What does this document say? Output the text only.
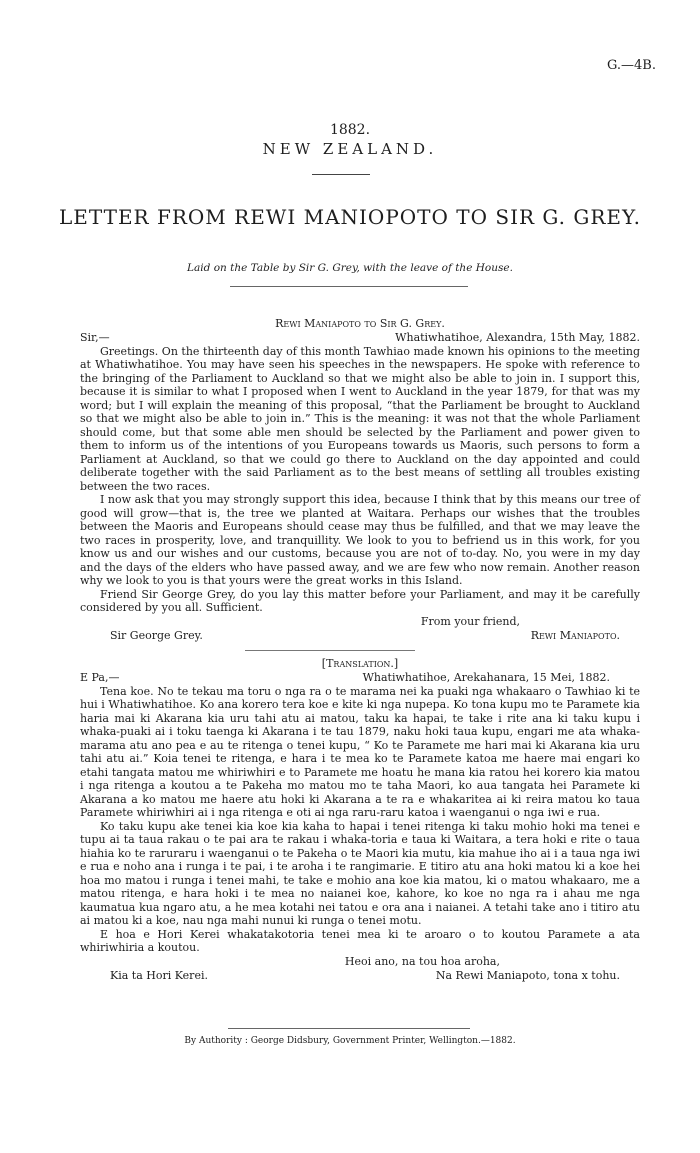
G.—4B.
1882.
NEW ZEALAND.
LETTER FROM REWI MANIOPOTO TO SIR G. GREY.
Laid on the Table by Sir G. Grey, with the leave of the House.
Rewi Maniapoto to Sir G. Grey.
Sir,—	Whatiwhatihoe, Alexandra, 15th May, 1882.

Greetings. On the thirteenth day of this month Tawhiao made known his opinions to the meeting at Whatiwhatihoe. You may have seen his speeches in the newspapers. He spoke with reference to the bringing of the Parliament to Auckland so that we might also be able to join in. I support this, because it is similar to what I proposed when I went to Auckland in the year 1879, for that was my word; but I will explain the meaning of this proposal, “that the Parliament be brought to Auckland so that we might also be able to join in.” This is the meaning: it was not that the whole Parliament should come, but that some able men should be selected by the Parliament and power given to them to inform us of the intentions of you Europeans towards us Maoris, such persons to form a Parliament at Auckland, so that we could go there to Auckland on the day appointed and could deliberate together with the said Parliament as to the best means of settling all troubles existing between the two races.

I now ask that you may strongly support this idea, because I think that by this means our tree of good will grow—that is, the tree we planted at Waitara. Perhaps our wishes that the troubles between the Maoris and Europeans should cease may thus be fulfilled, and that we may leave the two races in prosperity, love, and tranquillity. We look to you to befriend us in this work, for you know us and our wishes and our customs, because you are not of to-day. No, you were in my day and the days of the elders who have passed away, and we are few who now remain. Another reason why we look to you is that yours were the great works in this Island.

Friend Sir George Grey, do you lay this matter before your Parliament, and may it be carefully considered by you all. Sufficient.

From your friend,
Sir George Grey.	Rewi Maniapoto.
[Translation.]
E Pa,—	Whatiwhatihoe, Arekahanara, 15 Mei, 1882.

Tena koe. No te tekau ma toru o nga ra o te marama nei ka puaki nga whakaaro o Tawhiao ki te hui i Whatiwhatihoe. Ko ana korero tera koe e kite ki nga nupepa. Ko tona kupu mo te Paramete kia haria mai ki Akarana kia uru tahi atu ai matou, taku ka hapai, te take i rite ana ki taku kupu i whaka-puaki ai i toku taenga ki Akarana i te tau 1879, naku hoki taua kupu, engari me ata whaka-marama atu ano pea e au te ritenga o tenei kupu, “ Ko te Paramete me hari mai ki Akarana kia uru tahi atu ai.” Koia tenei te ritenga, e hara i te mea ko te Paramete katoa me haere mai engari ko etahi tangata matou me whiriwhiri e to Paramete me hoatu he mana kia ratou hei korero kia matou i nga ritenga a koutou a te Pakeha mo matou mo te taha Maori, ko aua tangata hei Paramete ki Akarana a ko matou me haere atu hoki ki Akarana a te ra e whakaritea ai ki reira matou ko taua Paramete whiriwhiri ai i nga ritenga e oti ai nga raru-raru katoa i waenganui o nga iwi e rua.

Ko taku kupu ake tenei kia koe kia kaha to hapai i tenei ritenga ki taku mohio hoki ma tenei e tupu ai ta taua rakau o te pai ara te rakau i whaka-toria e taua ki Waitara, a tera hoki e rite o taua hiahia ko te raruraru i waenganui o te Pakeha o te Maori kia mutu, kia mahue iho ai i a taua nga iwi e rua e noho ana i runga i te pai, i te aroha i te rangimarie. E titiro atu ana hoki matou ki a koe hei hoa mo matou i runga i tenei mahi, te take e mohio ana koe kia matou, ki o matou whakaaro, me a matou ritenga, e hara hoki i te mea no naianei koe, kahore, ko koe no nga ra i ahau me nga kaumatua kua ngaro atu, a he mea kotahi nei tatou e ora ana i naianei. A tetahi take ano i titiro atu ai matou ki a koe, nau nga mahi nunui ki runga o tenei motu.

E hoa e Hori Kerei whakatakotoria tenei mea ki te aroaro o to koutou Paramete a ata whiriwhiria a koutou.

Heoi ano, na tou hoa aroha,
Kia ta Hori Kerei.	Na Rewi Maniapoto, tona x tohu.
By Authority : George Didsbury, Government Printer, Wellington.—1882.
